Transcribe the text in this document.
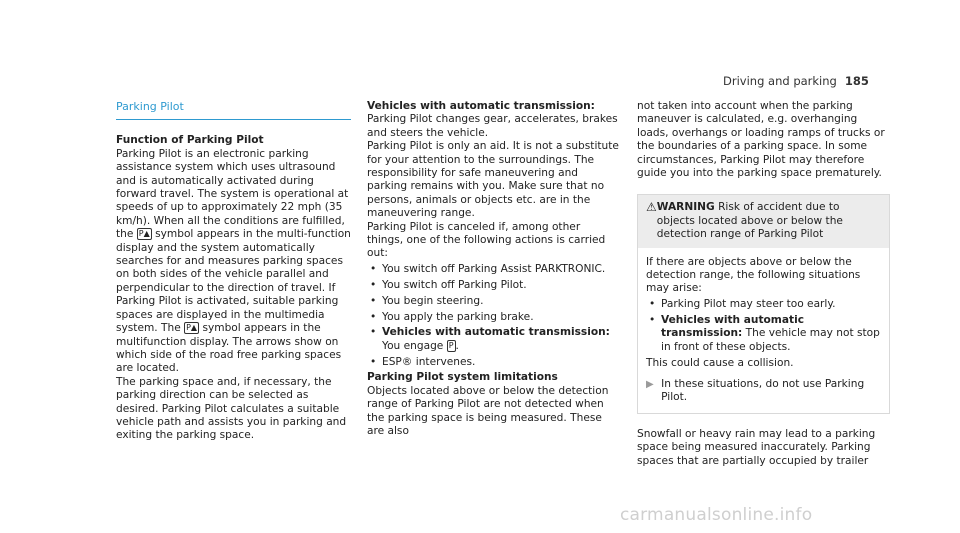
Driving and parking 185
Parking Pilot

Function of Parking Pilot

Parking Pilot is an electronic parking assistance system which uses ultrasound and is automatically activated during forward travel. The system is operational at speeds of up to approximately 22 mph (35 km/h). When all the conditions are fulfilled, the P▲ symbol appears in the multi-function display and the system automatically searches for and measures parking spaces on both sides of the vehicle parallel and perpendicular to the direction of travel. If Parking Pilot is activated, suitable parking spaces are displayed in the multimedia system. The P▲ symbol appears in the multifunction display. The arrows show on which side of the road free parking spaces are located.

The parking space and, if necessary, the parking direction can be selected as desired. Parking Pilot calculates a suitable vehicle path and assists you in parking and exiting the parking space.

Vehicles with automatic transmission: Parking Pilot changes gear, accelerates, brakes and steers the vehicle.

Parking Pilot is only an aid. It is not a substitute for your attention to the surroundings. The responsibility for safe maneuvering and parking remains with you. Make sure that no persons, animals or objects etc. are in the maneuvering range.

Parking Pilot is canceled if, among other things, one of the following actions is carried out:

• You switch off Parking Assist PARKTRONIC.
• You switch off Parking Pilot.
• You begin steering.
• You apply the parking brake.
• Vehicles with automatic transmission:
You engage P .
• ESP® intervenes.

Parking Pilot system limitations

Objects located above or below the detection range of Parking Pilot are not detected when the parking space is being measured. These are also

not taken into account when the parking maneuver is calculated, e.g. overhanging loads, overhangs or loading ramps of trucks or the boundaries of a parking space. In some circumstances, Parking Pilot may therefore guide you into the parking space prematurely.

⚠ WARNING Risk of accident due to objects located above or below the detection range of Parking Pilot

If there are objects above or below the detection range, the following situations may arise:

• Parking Pilot may steer too early.
• Vehicles with automatic transmission: The vehicle may not stop in front of these objects.

This could cause a collision.

▶ In these situations, do not use Parking Pilot.

Snowfall or heavy rain may lead to a parking space being measured inaccurately. Parking spaces that are partially occupied by trailer

carmanualsonline.info
